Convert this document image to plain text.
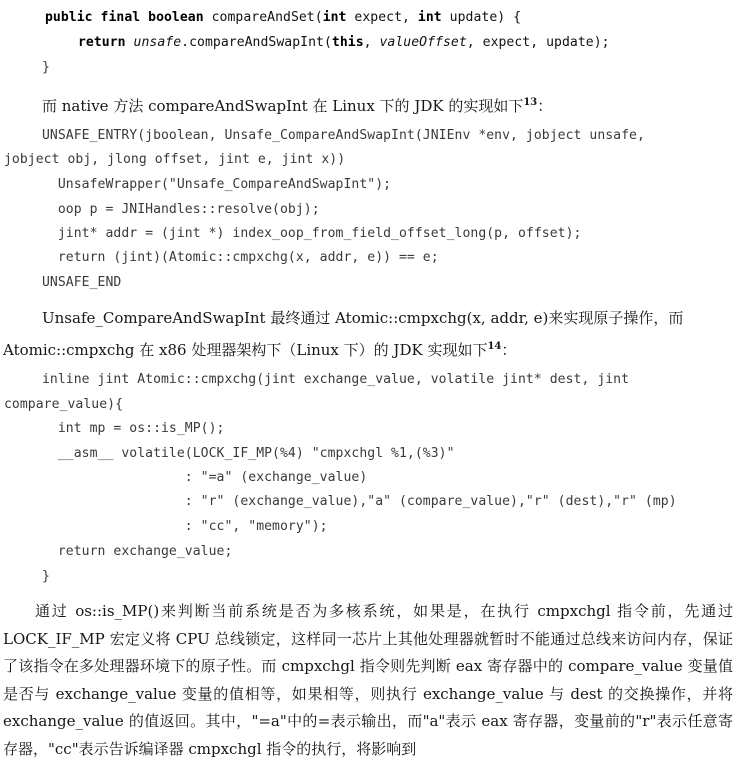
public final boolean compareAndSet(int expect, int update) {
return unsafe.compareAndSwapInt(this, valueOffset, expect, update);
}
而 native 方法 compareAndSwapInt 在 Linux 下的 JDK 的实现如下$^{13}$：
UNSAFE_ENTRY(jboolean, Unsafe_CompareAndSwapInt(JNIEnv *env, jobject unsafe,
jobject obj, jlong offset, jint e, jint x))
UnsafeWrapper("Unsafe_CompareAndSwapInt");
oop p = JNIHandles::resolve(obj);
jint* addr = (jint *) index_oop_from_field_offset_long(p, offset);
return (jint)(Atomic::cmpxchg(x, addr, e)) == e;
UNSAFE_END
Unsafe_CompareAndSwapInt 最终通过 Atomic::cmpxchg(x, addr, e)来实现原子操作，而
Atomic::cmpxchg 在 x86 处理器架构下（Linux 下）的 JDK 实现如下$^{14}$：
inline jint Atomic::cmpxchg(jint exchange_value, volatile jint* dest, jint
compare_value){
int mp = os::is_MP();
__asm__ volatile(LOCK_IF_MP(%4) "cmpxchgl %1,(%3)"
: "=a" (exchange_value)
: "r" (exchange_value),"a" (compare_value),"r" (dest),"r" (mp)
: "cc", "memory");
return exchange_value;
}
通过 os::is_MP()来判断当前系统是否为多核系统，如果是，在执行 cmpxchgl 指令前，先通过 LOCK_IF_MP 宏定义将 CPU 总线锁定，这样同一芯片上其他处理器就暂时不能通过总线来访问内存，保证了该指令在多处理器环境下的原子性。而 cmpxchgl 指令则先判断 eax 寄存器中的 compare_value 变量值是否与 exchange_value 变量的值相等，如果相等，则执行 exchange_value 与 dest 的交换操作，并将 exchange_value 的值返回。其中，"=a"中的=表示输出，而"a"表示 eax 寄存器，变量前的"r"表示任意寄存器，"cc"表示告诉编译器 cmpxchgl 指令的执行，将影响到
